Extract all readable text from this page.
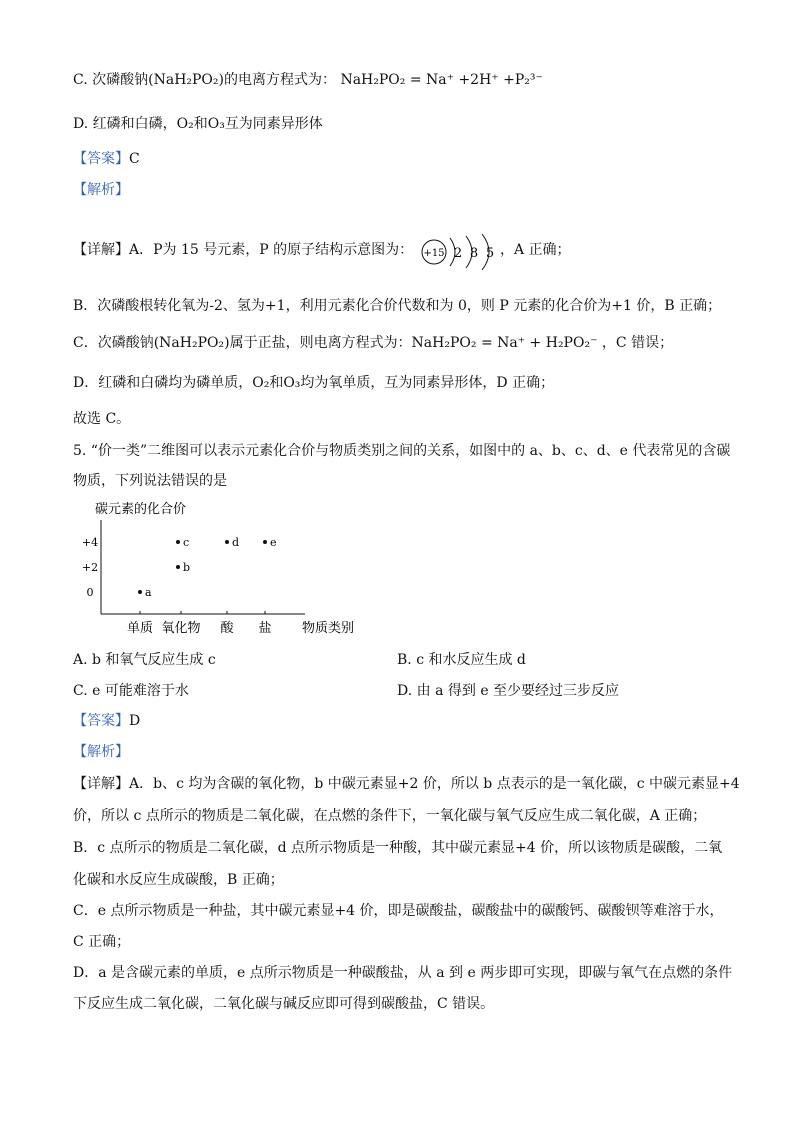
C. 次磷酸钠(NaH₂PO₂)的电离方程式为： NaH₂PO₂ = Na⁺ +2H⁺ +P₂³⁻
D. 红磷和白磷，O₂和O₃互为同素异形体
【答案】C
【解析】
【详解】A．P为 15 号元素，P 的原子结构示意图为： +15 2 8 5 ，A 正确；
B．次磷酸根转化氧为-2、氢为+1，利用元素化合价代数和为 0，则 P 元素的化合价为+1 价，B 正确；
C．次磷酸钠(NaH₂PO₂)属于正盐，则电离方程式为：NaH₂PO₂ = Na⁺ + H₂PO₂⁻ ，C 错误；
D．红磷和白磷均为磷单质，O₂和O₃均为氧单质，互为同素异形体，D 正确；
故选 C。
5. “价一类”二维图可以表示元素化合价与物质类别之间的关系，如图中的 a、b、c、d、e 代表常见的含碳
物质，下列说法错误的是
碳元素的化合价
+4
+2
0
单质 氧化物 酸 盐
a
b
c	d	e
物质类别
A. b 和氧气反应生成 c	B. c 和水反应生成 d
C. e 可能难溶于水	D. 由 a 得到 e 至少要经过三步反应
【答案】D
【解析】
【详解】A．b、c 均为含碳的氧化物，b 中碳元素显+2 价，所以 b 点表示的是一氧化碳，c 中碳元素显+4
价，所以 c 点所示的物质是二氧化碳，在点燃的条件下，一氧化碳与氧气反应生成二氧化碳，A 正确；
B．c 点所示的物质是二氧化碳，d 点所示物质是一种酸，其中碳元素显+4 价，所以该物质是碳酸，二氧
化碳和水反应生成碳酸，B 正确；
C．e 点所示物质是一种盐，其中碳元素显+4 价，即是碳酸盐，碳酸盐中的碳酸钙、碳酸钡等难溶于水，
C 正确；
D．a 是含碳元素的单质，e 点所示物质是一种碳酸盐，从 a 到 e 两步即可实现，即碳与氧气在点燃的条件
下反应生成二氧化碳，二氧化碳与碱反应即可得到碳酸盐，C 错误。
